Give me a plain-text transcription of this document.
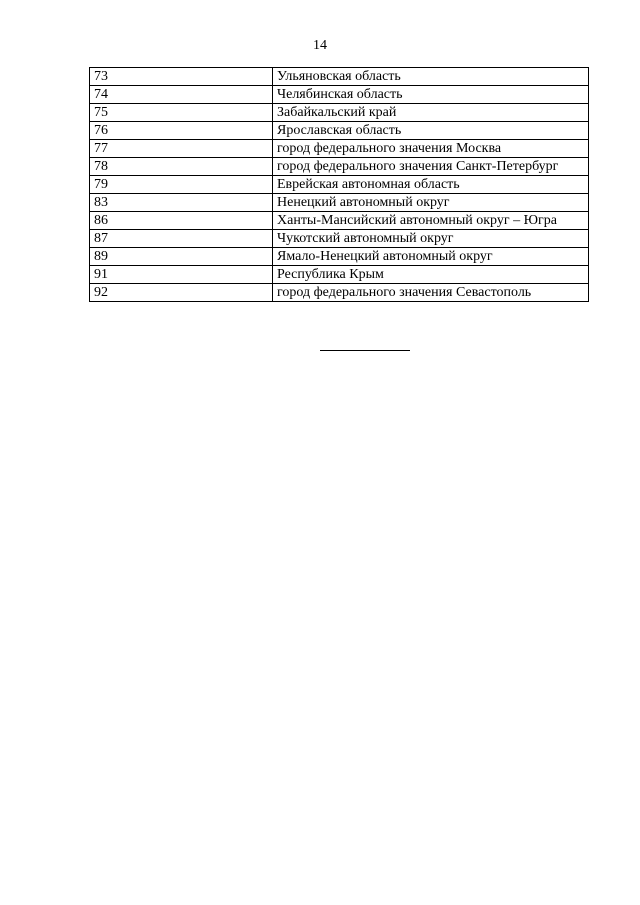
14
73	Ульяновская область
74	Челябинская область
75	Забайкальский край
76	Ярославская область
77	город федерального значения Москва
78	город федерального значения Санкт-Петербург
79	Еврейская автономная область
83	Ненецкий автономный округ
86	Ханты-Мансийский автономный округ – Югра
87	Чукотский автономный округ
89	Ямало-Ненецкий автономный округ
91	Республика Крым
92	город федерального значения Севастополь
